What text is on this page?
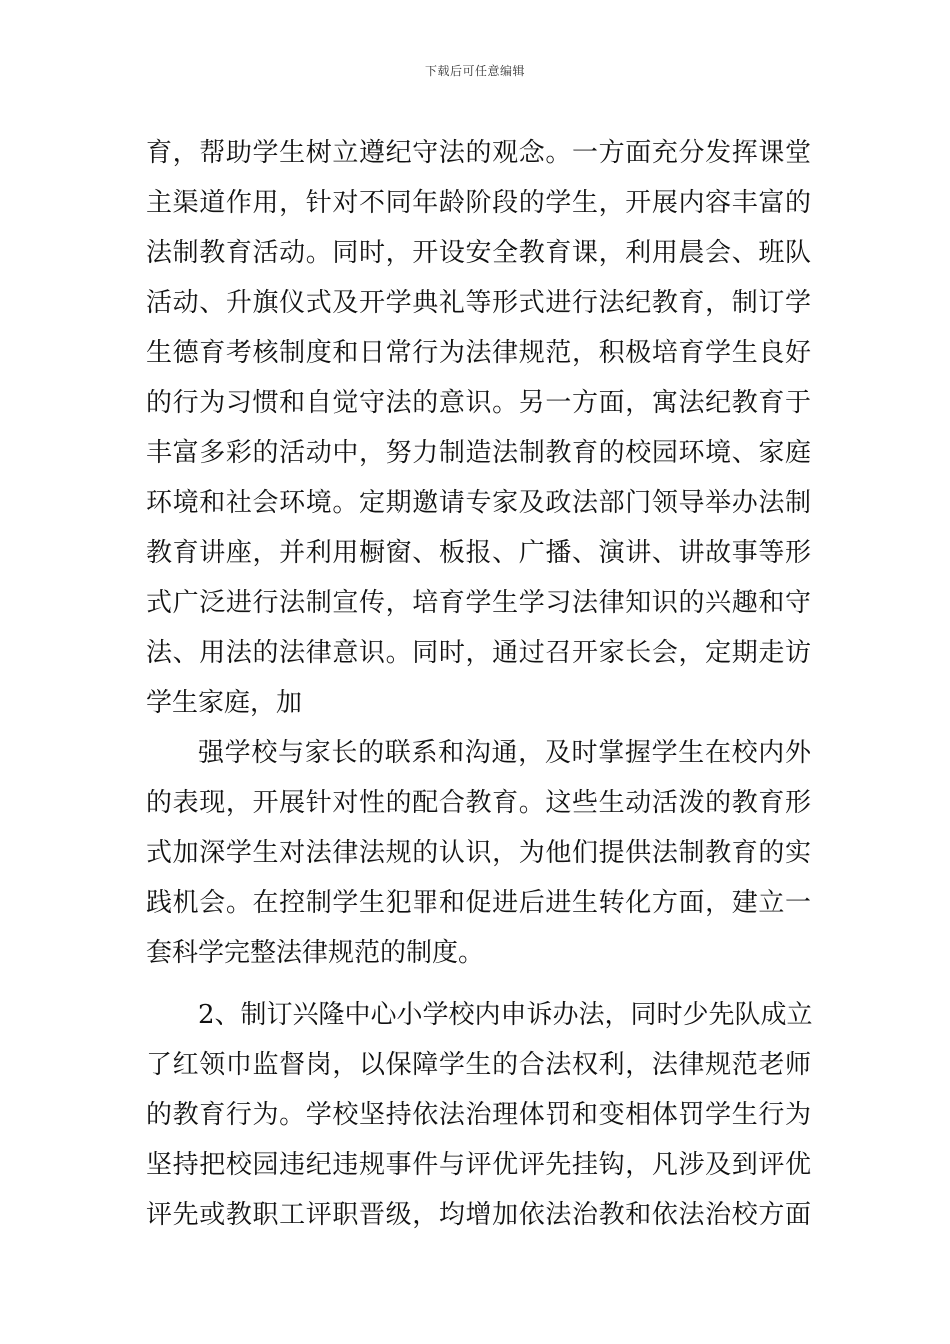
下载后可任意编辑
育，帮助学生树立遵纪守法的观念。一方面充分发挥课堂
主渠道作用，针对不同年龄阶段的学生，开展内容丰富的
法制教育活动。同时，开设安全教育课，利用晨会、班队
活动、升旗仪式及开学典礼等形式进行法纪教育，制订学
生德育考核制度和日常行为法律规范，积极培育学生良好
的行为习惯和自觉守法的意识。另一方面，寓法纪教育于
丰富多彩的活动中，努力制造法制教育的校园环境、家庭
环境和社会环境。定期邀请专家及政法部门领导举办法制
教育讲座，并利用橱窗、板报、广播、演讲、讲故事等形
式广泛进行法制宣传，培育学生学习法律知识的兴趣和守
法、用法的法律意识。同时，通过召开家长会，定期走访
学生家庭，加
强学校与家长的联系和沟通，及时掌握学生在校内外
的表现，开展针对性的配合教育。这些生动活泼的教育形
式加深学生对法律法规的认识，为他们提供法制教育的实
践机会。在控制学生犯罪和促进后进生转化方面，建立一
套科学完整法律规范的制度。
2、制订兴隆中心小学校内申诉办法，同时少先队成立
了红领巾监督岗，以保障学生的合法权利，法律规范老师
的教育行为。学校坚持依法治理体罚和变相体罚学生行为
坚持把校园违纪违规事件与评优评先挂钩，凡涉及到评优
评先或教职工评职晋级，均增加依法治教和依法治校方面
